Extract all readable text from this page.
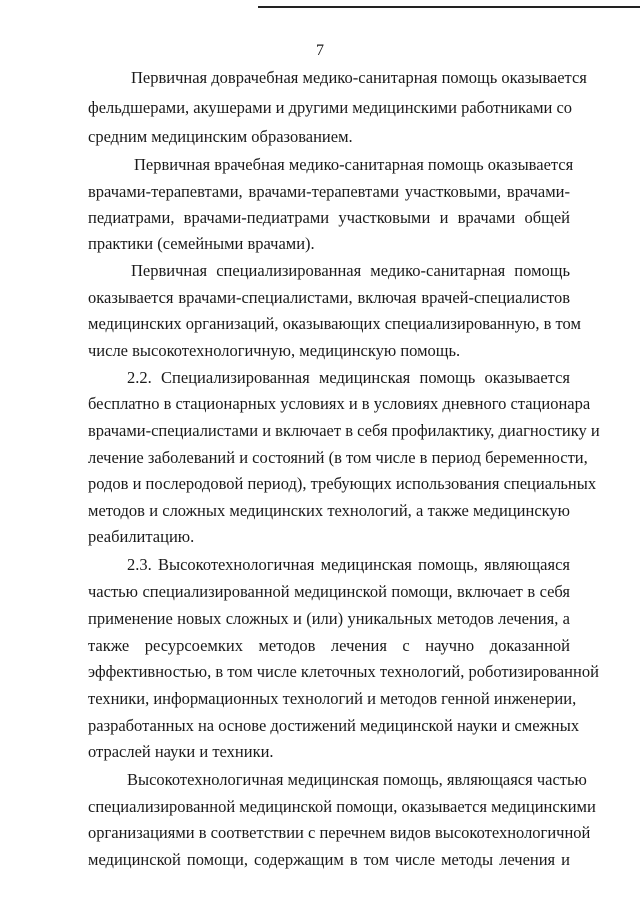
7
Первичная доврачебная медико-санитарная помощь оказывается
фельдшерами, акушерами и другими медицинскими работниками со
средним медицинским образованием.
Первичная врачебная медико-санитарная помощь оказывается
врачами-терапевтами, врачами-терапевтами участковыми, врачами-
педиатрами, врачами-педиатрами участковыми и врачами общей
практики (семейными врачами).
Первичная специализированная медико-санитарная помощь
оказывается врачами-специалистами, включая врачей-специалистов
медицинских организаций, оказывающих специализированную, в том
числе высокотехнологичную, медицинскую помощь.
2.2. Специализированная медицинская помощь оказывается
бесплатно в стационарных условиях и в условиях дневного стационара
врачами-специалистами и включает в себя профилактику, диагностику и
лечение заболеваний и состояний (в том числе в период беременности,
родов и послеродовой период), требующих использования специальных
методов и сложных медицинских технологий, а также медицинскую
реабилитацию.
2.3. Высокотехнологичная медицинская помощь, являющаяся
частью специализированной медицинской помощи, включает в себя
применение новых сложных и (или) уникальных методов лечения, а
также ресурсоемких методов лечения с научно доказанной
эффективностью, в том числе клеточных технологий, роботизированной
техники, информационных технологий и методов генной инженерии,
разработанных на основе достижений медицинской науки и смежных
отраслей науки и техники.
Высокотехнологичная медицинская помощь, являющаяся частью
специализированной медицинской помощи, оказывается медицинскими
организациями в соответствии с перечнем видов высокотехнологичной
медицинской помощи, содержащим в том числе методы лечения и
